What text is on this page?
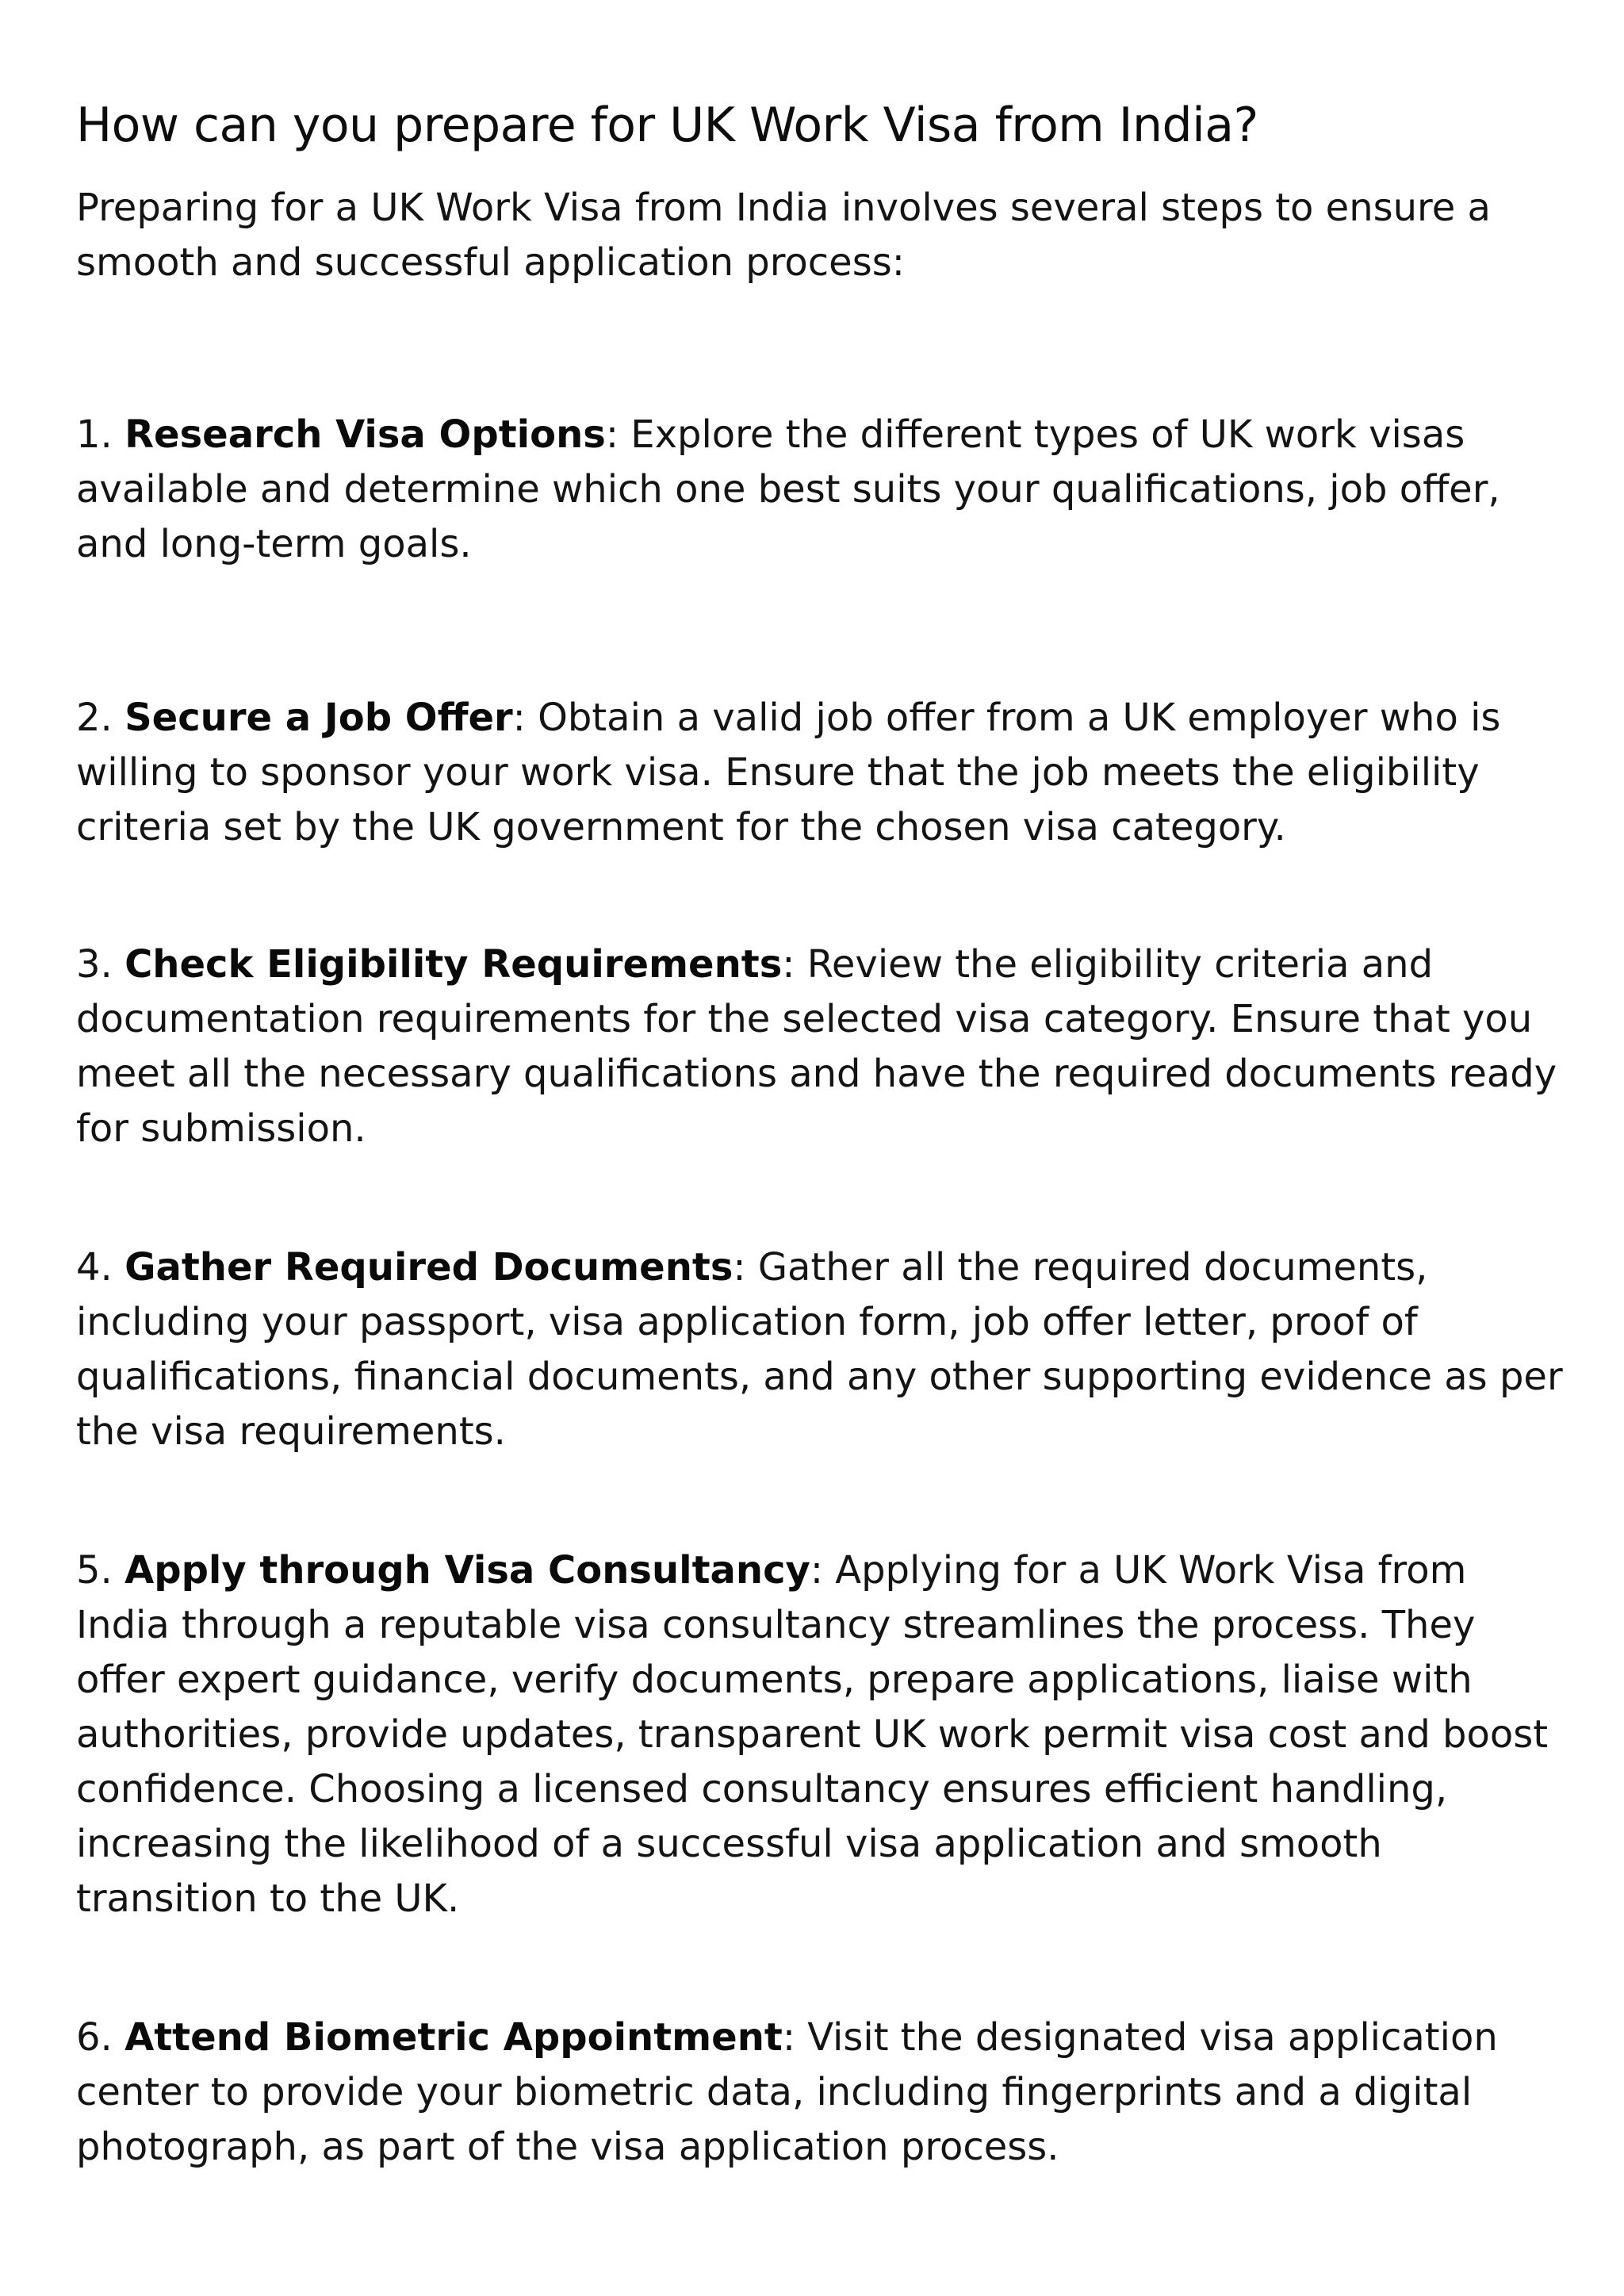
How can you prepare for UK Work Visa from India?

Preparing for a UK Work Visa from India involves several steps to ensure a smooth and successful application process:

1. Research Visa Options: Explore the different types of UK work visas available and determine which one best suits your qualifications, job offer, and long-term goals.

2. Secure a Job Offer: Obtain a valid job offer from a UK employer who is willing to sponsor your work visa. Ensure that the job meets the eligibility criteria set by the UK government for the chosen visa category.

3. Check Eligibility Requirements: Review the eligibility criteria and documentation requirements for the selected visa category. Ensure that you meet all the necessary qualifications and have the required documents ready for submission.

4. Gather Required Documents: Gather all the required documents, including your passport, visa application form, job offer letter, proof of qualifications, financial documents, and any other supporting evidence as per the visa requirements.

5. Apply through Visa Consultancy: Applying for a UK Work Visa from India through a reputable visa consultancy streamlines the process. They offer expert guidance, verify documents, prepare applications, liaise with authorities, provide updates, transparent UK work permit visa cost and boost confidence. Choosing a licensed consultancy ensures efficient handling, increasing the likelihood of a successful visa application and smooth transition to the UK.

6. Attend Biometric Appointment: Visit the designated visa application center to provide your biometric data, including fingerprints and a digital photograph, as part of the visa application process.
